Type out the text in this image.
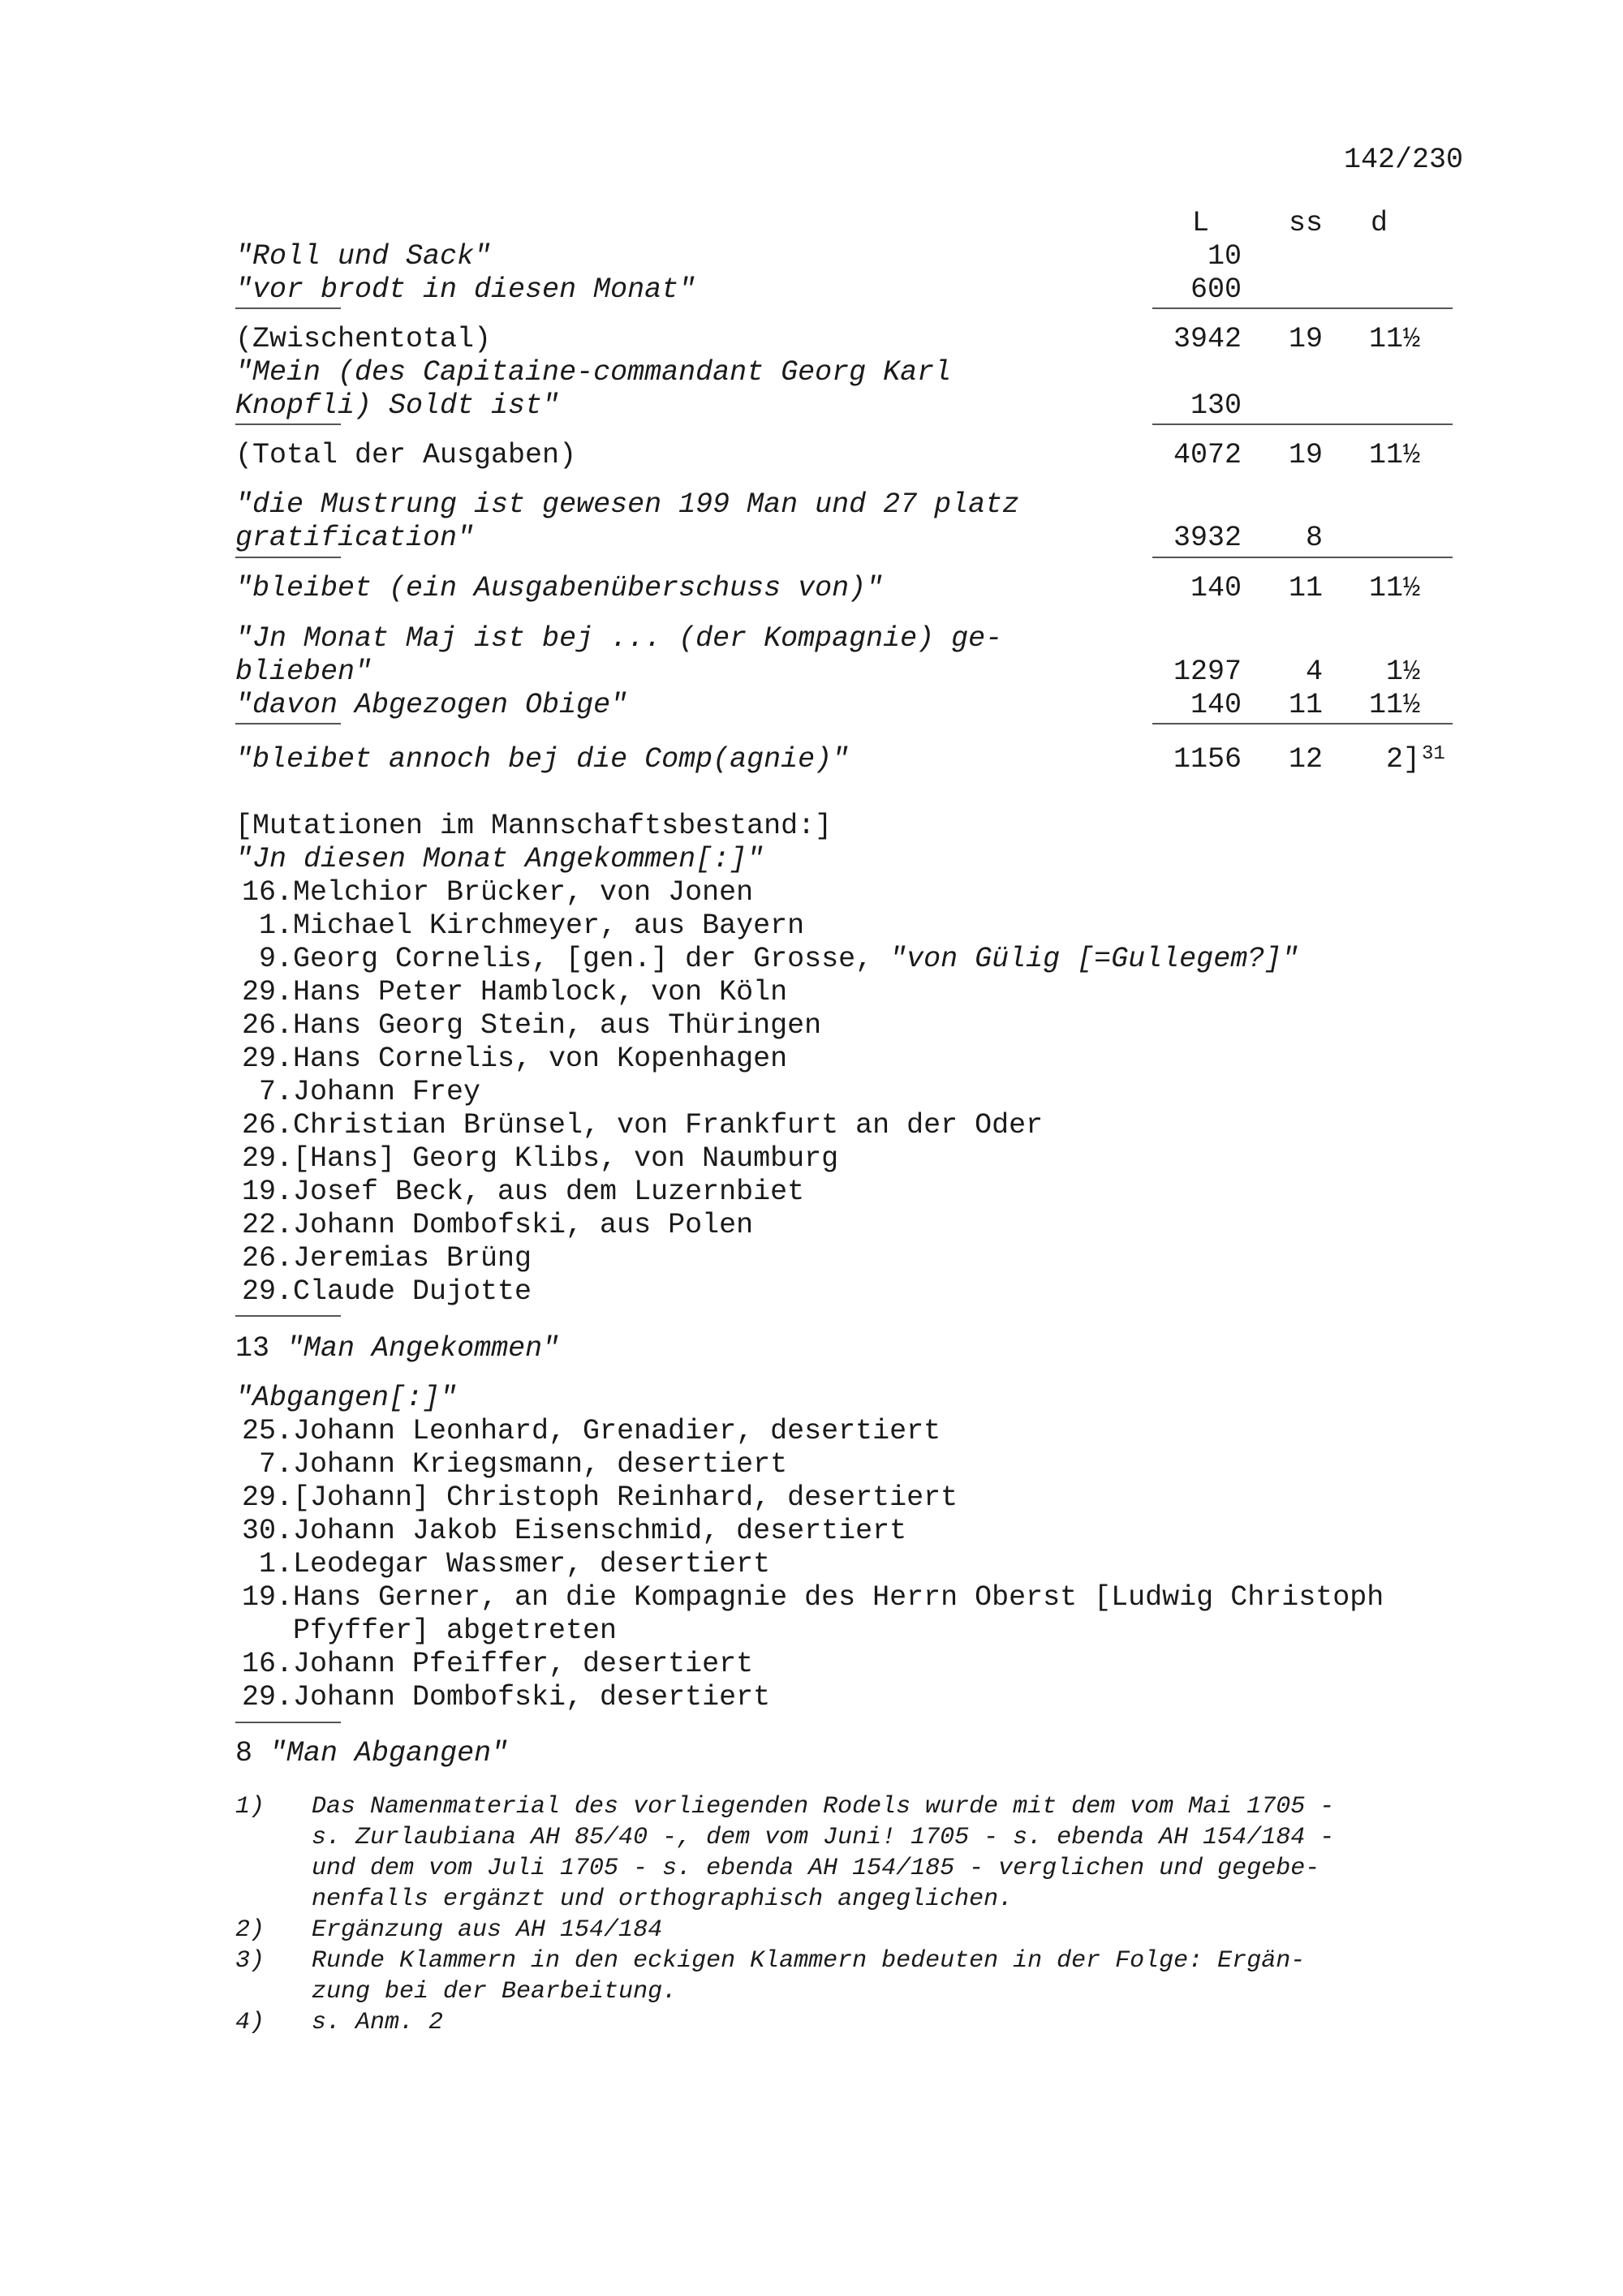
142/230
L	ss	d
"Roll und Sack"	10
"vor brodt in diesen Monat"	600
(Zwischentotal)	3942	19	11½
"Mein (des Capitaine-commandant Georg Karl
Knopfli) Soldt ist"	130
(Total der Ausgaben)	4072	19	11½
"die Mustrung ist gewesen 199 Man und 27 platz
gratification"	3932	8
"bleibet (ein Ausgabenüberschuss von)"	140	11	11½
"Jn Monat Maj ist bej ... (der Kompagnie) ge-
blieben"	1297	4	1½
"davon Abgezogen Obige"	140	11	11½
"bleibet annoch bej die Comp(agnie)"	1156	12	2] 31
[Mutationen im Mannschaftsbestand:]
"Jn diesen Monat Angekommen[:]"
16.Melchior Brücker, von Jonen
1.Michael Kirchmeyer, aus Bayern
9.Georg Cornelis, [gen.] der Grosse, "von Gülig [=Gullegem?]"
29.Hans Peter Hamblock, von Köln
26.Hans Georg Stein, aus Thüringen
29.Hans Cornelis, von Kopenhagen
7.Johann Frey
26.Christian Brünsel, von Frankfurt an der Oder
29.[Hans] Georg Klibs, von Naumburg
19.Josef Beck, aus dem Luzernbiet
22.Johann Dombofski, aus Polen
26.Jeremias Brüng
29.Claude Dujotte
13 "Man Angekommen"
"Abgangen[:]"
25.Johann Leonhard, Grenadier, desertiert
7.Johann Kriegsmann, desertiert
29.[Johann] Christoph Reinhard, desertiert
30.Johann Jakob Eisenschmid, desertiert
1.Leodegar Wassmer, desertiert
19.Hans Gerner, an die Kompagnie des Herrn Oberst [Ludwig Christoph
Pfyffer] abgetreten
16.Johann Pfeiffer, desertiert
29.Johann Dombofski, desertiert
8 "Man Abgangen"
1) Das Namenmaterial des vorliegenden Rodels wurde mit dem vom Mai 1705 -
s. Zurlaubiana AH 85/40 -, dem vom Juni! 1705 - s. ebenda AH 154/184 -
und dem vom Juli 1705 - s. ebenda AH 154/185 - verglichen und gegebe-
nenfalls ergänzt und orthographisch angeglichen.
2) Ergänzung aus AH 154/184
3) Runde Klammern in den eckigen Klammern bedeuten in der Folge: Ergän-
zung bei der Bearbeitung.
4) s. Anm. 2
